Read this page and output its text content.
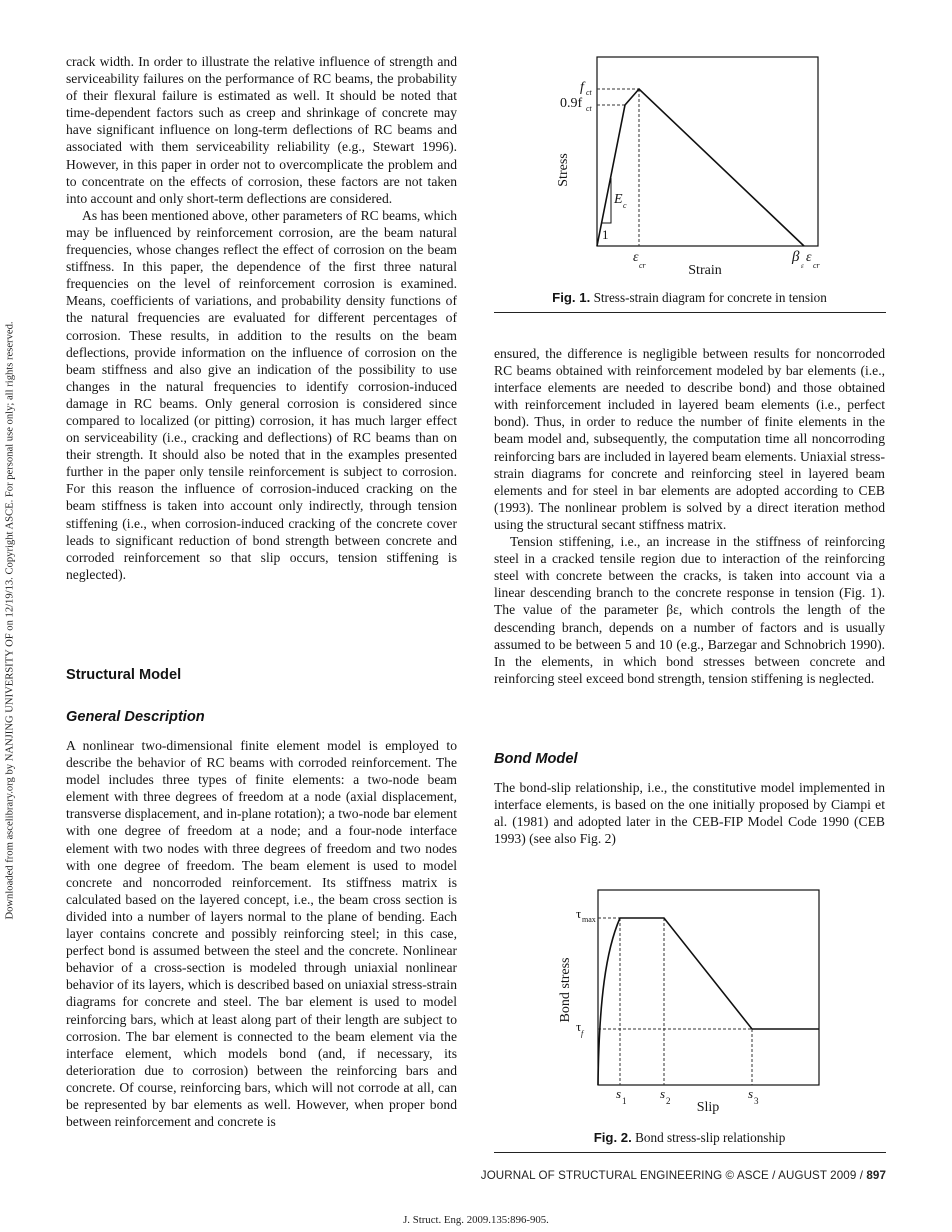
Downloaded from ascelibrary.org by NANJING UNIVERSITY OF on 12/19/13. Copyright ASCE. For personal use only; all rights reserved.

crack width. In order to illustrate the relative influence of strength and serviceability failures on the performance of RC beams, the probability of their flexural failure is estimated as well. It should be noted that time-dependent factors such as creep and shrinkage of concrete may have significant influence on long-term deflections of RC beams and associated with them serviceability reliability (e.g., Stewart 1996). However, in this paper in order not to overcomplicate the problem and to concentrate on the effects of corrosion, these factors are not taken into account and only short-term deflections are considered.

As has been mentioned above, other parameters of RC beams, which may be influenced by reinforcement corrosion, are the beam natural frequencies, whose changes reflect the effect of corrosion on the beam stiffness. In this paper, the dependence of the first three natural frequencies on the level of reinforcement corrosion is examined. Means, coefficients of variations, and probability density functions of the natural frequencies are evaluated for different percentages of corrosion. These results, in addition to the results on the beam deflections, provide information on the influence of corrosion on the beam stiffness and also give an indication of the possibility to use changes in the natural frequencies to identify corrosion-induced damage in RC beams. Only general corrosion is considered since compared to localized (or pitting) corrosion, it has much larger effect on serviceability (i.e., cracking and deflections) of RC beams than on their strength. It should also be noted that in the examples presented further in the paper only tensile reinforcement is subject to corrosion. For this reason the influence of corrosion-induced cracking on the beam stiffness is taken into account only indirectly, through tension stiffening (i.e., when corrosion-induced cracking of the concrete cover leads to significant reduction of bond strength between concrete and corroded reinforcement so that slip occurs, tension stiffening is neglected).

Structural Model
General Description

A nonlinear two-dimensional finite element model is employed to describe the behavior of RC beams with corroded reinforcement. The model includes three types of finite elements: a two-node beam element with three degrees of freedom at a node (axial displacement, transverse displacement, and in-plane rotation); a two-node bar element with one degree of freedom at a node; and a four-node interface element with two nodes with three degrees of freedom and two nodes with one degree of freedom. The beam element is used to model concrete and noncorroded reinforcement. Its stiffness matrix is calculated based on the layered concept, i.e., the beam cross section is divided into a number of layers normal to the plane of bending. Each layer contains concrete and possibly reinforcing steel; in this case, perfect bond is assumed between the steel and the concrete. Nonlinear behavior of a cross-section is modeled through uniaxial nonlinear behavior of its layers, which is described based on uniaxial stress-strain diagrams for concrete and steel. The bar element is used to model reinforcing bars, which at least along part of their length are subject to corrosion. The bar element is connected to the beam element via the interface element, which models bond (and, if necessary, its deterioration due to corrosion) between the reinforcing bars and concrete. Of course, reinforcing bars, which will not corrode at all, can be represented by bar elements as well. However, when proper bond between reinforcement and concrete is

f ct
0.9f ct
Stress
E c
1
ε
cr	Strain
β
ε
ε
cr
Fig. 1. Stress-strain diagram for concrete in tension

ensured, the difference is negligible between results for noncorroded RC beams obtained with reinforcement modeled by bar elements (i.e., interface elements are needed to describe bond) and those obtained with reinforcement included in layered beam elements (i.e., perfect bond). Thus, in order to reduce the number of finite elements in the beam model and, subsequently, the computation time all noncorroding reinforcing bars are included in layered beam elements. Uniaxial stress-strain diagrams for concrete and reinforcing steel in layered beam elements and for steel in bar elements are adopted according to CEB (1993). The nonlinear problem is solved by a direct iteration method using the structural secant stiffness matrix.

Tension stiffening, i.e., an increase in the stiffness of reinforcing steel in a cracked tensile region due to interaction of the reinforcing steel with concrete between the cracks, is taken into account via a linear descending branch to the concrete response in tension (Fig. 1). The value of the parameter βε, which controls the length of the descending branch, depends on a number of factors and is usually assumed to be between 5 and 10 (e.g., Barzegar and Schnobrich 1990). In the elements, in which bond stresses between concrete and reinforcing steel exceed bond strength, tension stiffening is neglected.

Bond Model

The bond-slip relationship, i.e., the constitutive model implemented in interface elements, is based on the one initially proposed by Ciampi et al. (1981) and adopted later in the CEB-FIP Model Code 1990 (CEB 1993) (see also Fig. 2)

τ max
τ f
Bond stress
s 1	s 2	s 3
Slip
Fig. 2. Bond stress-slip relationship
JOURNAL OF STRUCTURAL ENGINEERING © ASCE / AUGUST 2009 / 897
J. Struct. Eng. 2009.135:896-905.
